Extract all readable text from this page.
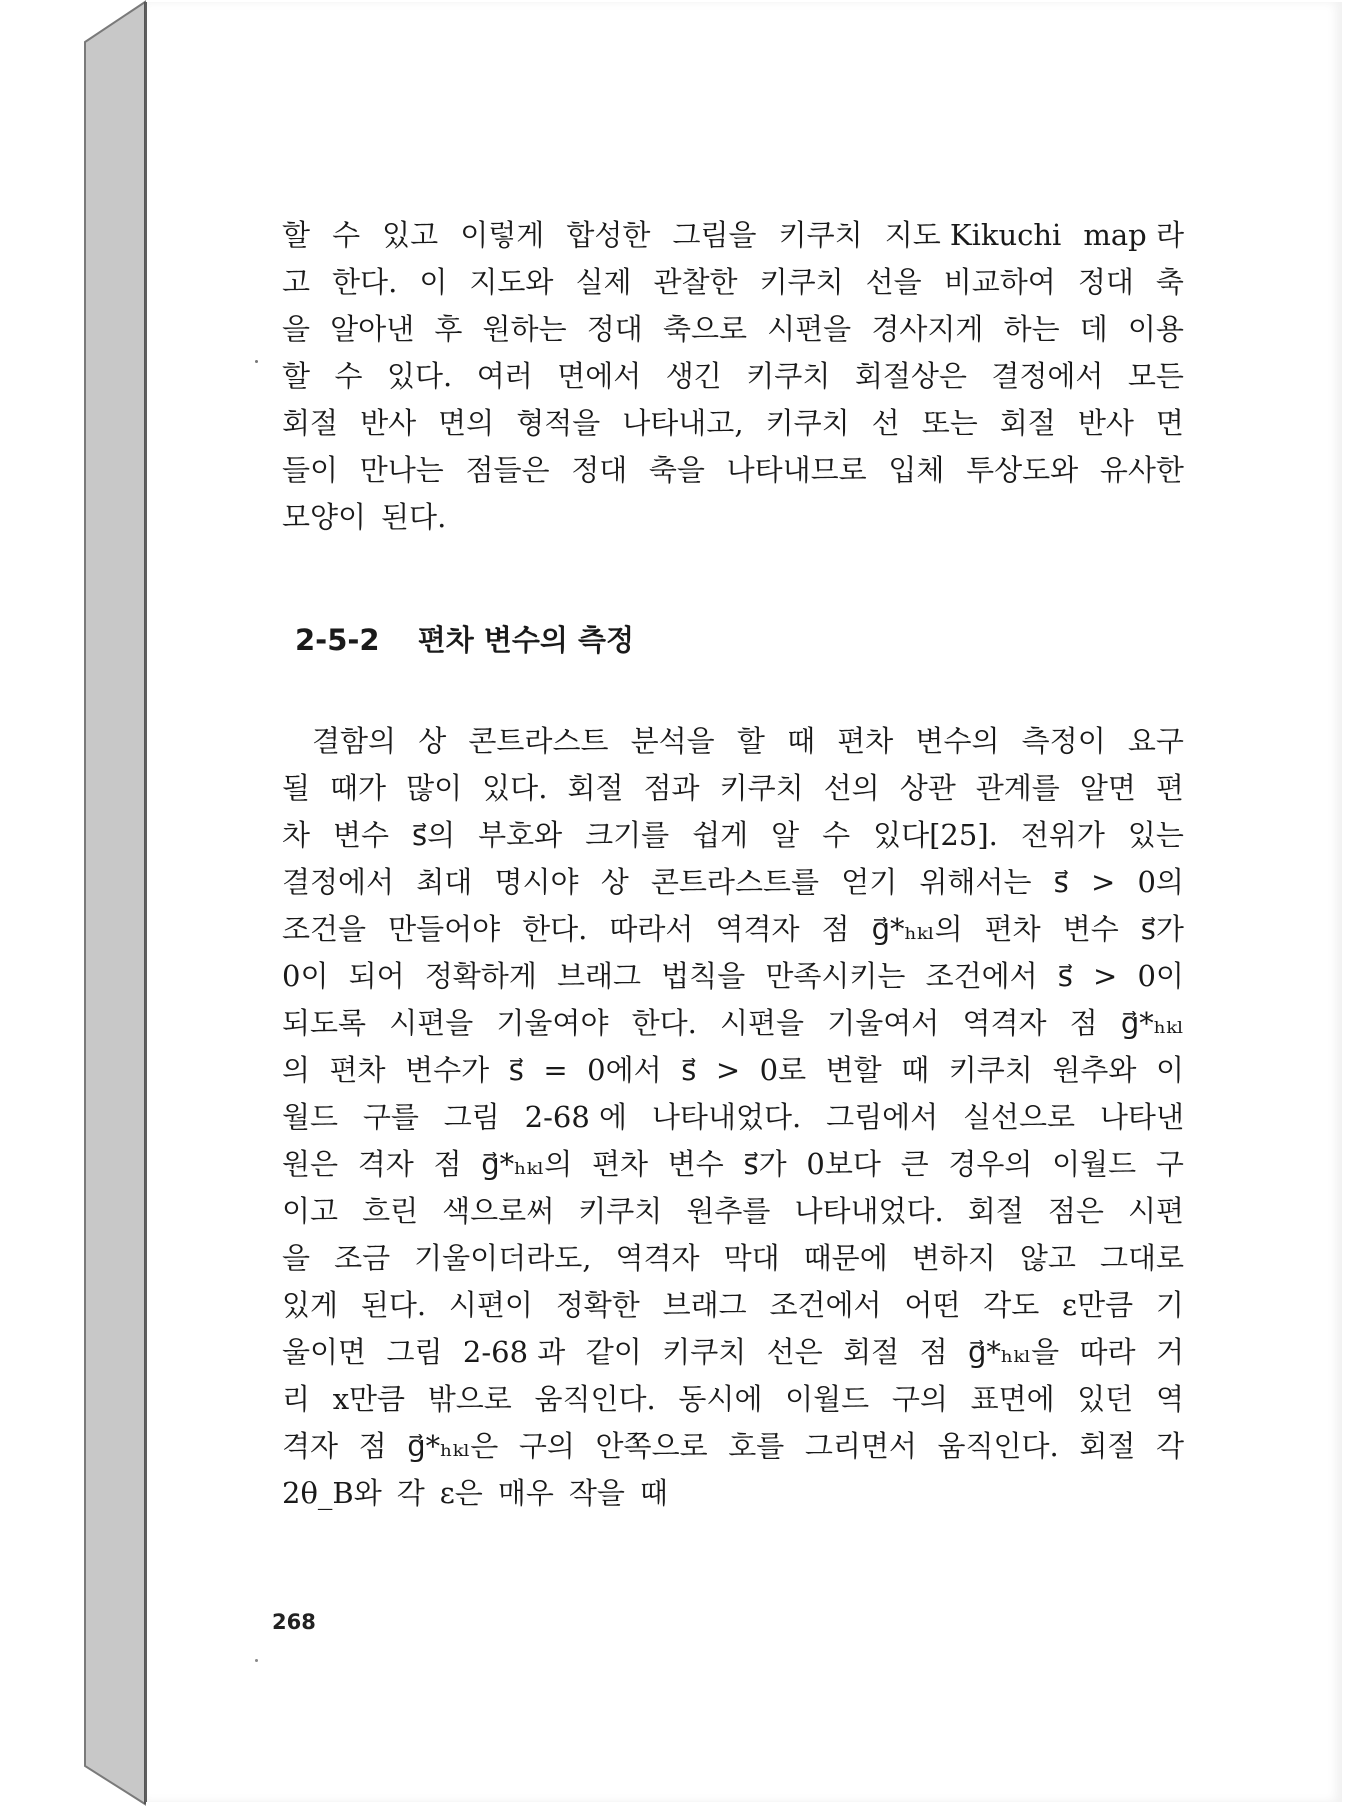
할 수 있고 이렇게 합성한 그림을 키쿠치 지도 Kikuchi map 라
고 한다. 이 지도와 실제 관찰한 키쿠치 선을 비교하여 정대 축
을 알아낸 후 원하는 정대 축으로 시편을 경사지게 하는 데 이용
할 수 있다. 여러 면에서 생긴 키쿠치 회절상은 결정에서 모든
회절 반사 면의 형적을 나타내고, 키쿠치 선 또는 회절 반사 면
들이 만나는 점들은 정대 축을 나타내므로 입체 투상도와 유사한
모양이 된다.
2-5-2 편차 변수의 측정
결함의 상 콘트라스트 분석을 할 때 편차 변수의 측정이 요구
될 때가 많이 있다. 회절 점과 키쿠치 선의 상관 관계를 알면 편
차 변수 s⃗의 부호와 크기를 쉽게 알 수 있다[25]. 전위가 있는
결정에서 최대 명시야 상 콘트라스트를 얻기 위해서는 s⃗ > 0의
조건을 만들어야 한다. 따라서 역격자 점 g⃗*ₕₖₗ의 편차 변수 s⃗가
0이 되어 정확하게 브래그 법칙을 만족시키는 조건에서 s⃗ > 0이
되도록 시편을 기울여야 한다. 시편을 기울여서 역격자 점 g⃗*ₕₖₗ
의 편차 변수가 s⃗ = 0에서 s⃗ > 0로 변할 때 키쿠치 원추와 이
월드 구를 그림 2-68 에 나타내었다. 그림에서 실선으로 나타낸
원은 격자 점 g⃗*ₕₖₗ의 편차 변수 s⃗가 0보다 큰 경우의 이월드 구
이고 흐린 색으로써 키쿠치 원추를 나타내었다. 회절 점은 시편
을 조금 기울이더라도, 역격자 막대 때문에 변하지 않고 그대로
있게 된다. 시편이 정확한 브래그 조건에서 어떤 각도 ε만큼 기
울이면 그림 2-68 과 같이 키쿠치 선은 회절 점 g⃗*ₕₖₗ을 따라 거
리 x만큼 밖으로 움직인다. 동시에 이월드 구의 표면에 있던 역
격자 점 g⃗*ₕₖₗ은 구의 안쪽으로 호를 그리면서 움직인다. 회절 각
2θ_B와 각 ε은 매우 작을 때
268
